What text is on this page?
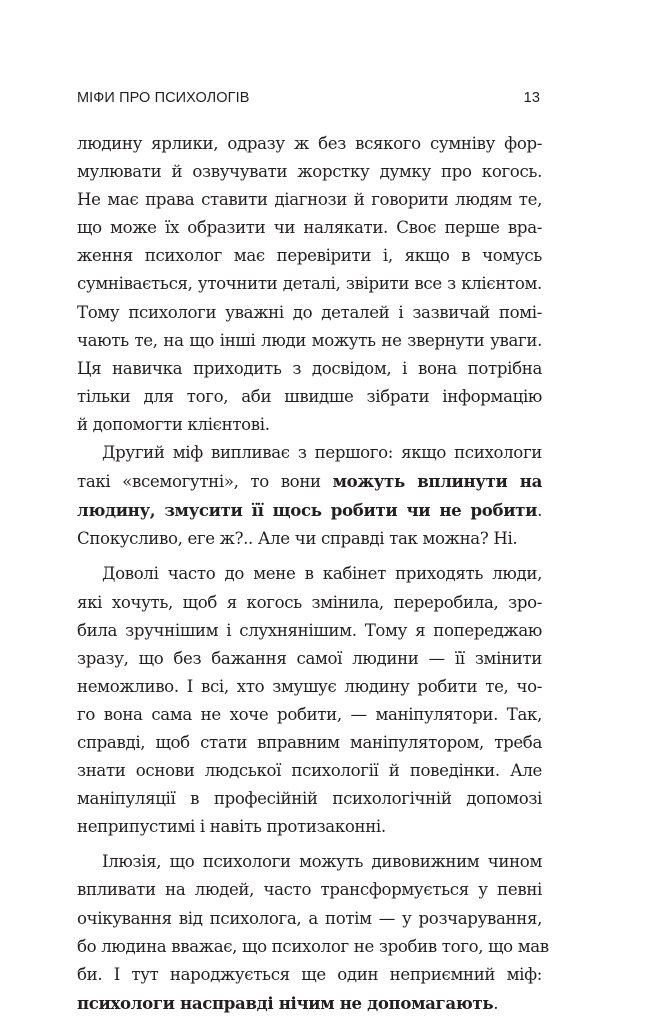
МІФИ ПРО ПСИХОЛОГІВ	13

людину ярлики, одразу ж без всякого сумніву фор-
мулювати й озвучувати жорстку думку про когось.
Не має права ставити діагнози й говорити людям те,
що може їх образити чи налякати. Своє перше вра-
ження психолог має перевірити і, якщо в чомусь
сумнівається, уточнити деталі, звірити все з клієнтом.
Тому психологи уважні до деталей і зазвичай помі-
чають те, на що інші люди можуть не звернути уваги.
Ця навичка приходить з досвідом, і вона потрібна
тільки для того, аби швидше зібрати інформацію
й допомогти клієнтові.

Другий міф випливає з першого: якщо психологи
такі «всемогутні», то вони можуть вплинути на
людину, змусити її щось робити чи не робити.
Спокусливо, еге ж?.. Але чи справді так можна? Ні.

Доволі часто до мене в кабінет приходять люди,
які хочуть, щоб я когось змінила, переробила, зро-
била зручнішим і слухнянішим. Тому я попереджаю
зразу, що без бажання самої людини — її змінити
неможливо. І всі, хто змушує людину робити те, чо-
го вона сама не хоче робити, — маніпулятори. Так,
справді, щоб стати вправним маніпулятором, треба
знати основи людської психології й поведінки. Але
маніпуляції в професійній психологічній допомозі
неприпустимі і навіть протизаконні.

Ілюзія, що психологи можуть дивовижним чином
впливати на людей, часто трансформується у певні
очікування від психолога, а потім — у розчарування,
бо людина вважає, що психолог не зробив того, що мав
би. І тут народжується ще один неприємний міф:
психологи насправді нічим не допомагають.
